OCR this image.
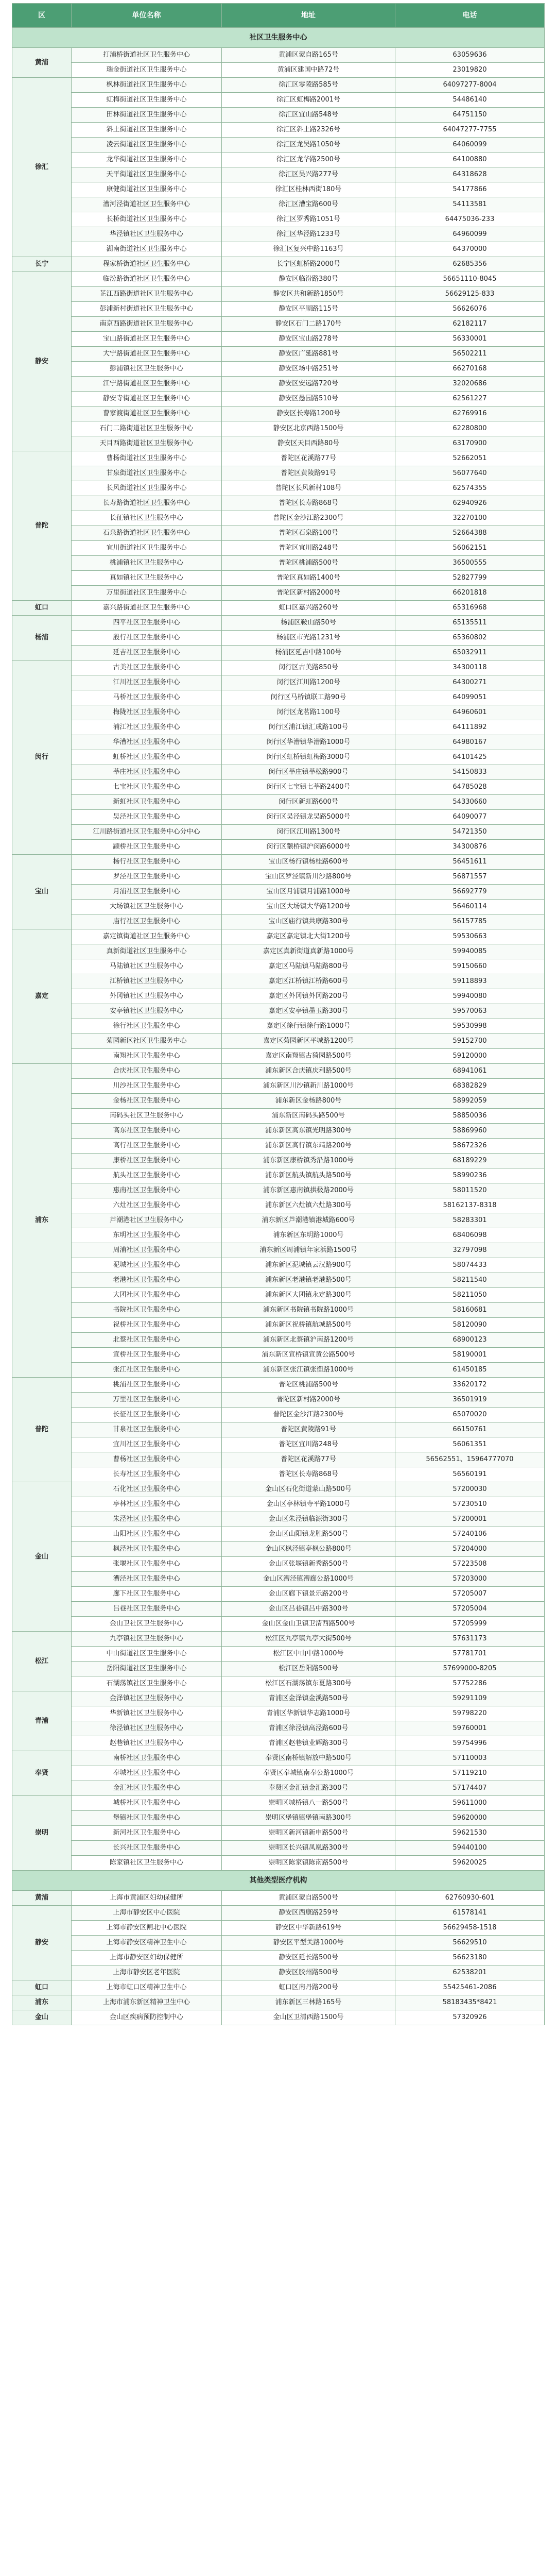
区	单位名称	地址	电话
社区卫生服务中心			
黄浦	打浦桥街道社区卫生服务中心	黄浦区蒙自路165号	63059636
	瑞金街道社区卫生服务中心	黄浦区建国中路72号	23019820
徐汇	枫林街道社区卫生服务中心	徐汇区零陵路585号	64097277-8004
	虹梅街道社区卫生服务中心	徐汇区虹梅路2001号	54486140
	田林街道社区卫生服务中心	徐汇区宜山路548号	64751150
	斜土街道社区卫生服务中心	徐汇区斜土路2326号	64047277-7755
	凌云街道社区卫生服务中心	徐汇区龙吴路1050号	64060099
	龙华街道社区卫生服务中心	徐汇区龙华路2500号	64100880
	天平街道社区卫生服务中心	徐汇区吴兴路277号	64318628
	康健街道社区卫生服务中心	徐汇区桂林西街180号	54177866
	漕河泾街道社区卫生服务中心	徐汇区漕宝路600号	54113581
	长桥街道社区卫生服务中心	徐汇区罗秀路1051号	64475036-233
	华泾镇社区卫生服务中心	徐汇区华泾路1233号	64960099
	湖南街道社区卫生服务中心	徐汇区复兴中路1163号	64370000
长宁	程家桥街道社区卫生服务中心	长宁区虹桥路2000号	62685356
静安	临汾路街道社区卫生服务中心	静安区临汾路380号	56651110-8045
	芷江西路街道社区卫生服务中心	静安区共和新路1850号	56629125-833
	彭浦新村街道社区卫生服务中心	静安区平顺路115号	56626076
	南京西路街道社区卫生服务中心	静安区石门二路170号	62182117
	宝山路街道社区卫生服务中心	静安区宝山路278号	56330001
	大宁路街道社区卫生服务中心	静安区广延路881号	56502211
	彭浦镇社区卫生服务中心	静安区场中路251号	66270168
	江宁路街道社区卫生服务中心	静安区安远路720号	32020686
	静安寺街道社区卫生服务中心	静安区愚园路510号	62561227
	曹家渡街道社区卫生服务中心	静安区长寿路1200号	62769916
	石门二路街道社区卫生服务中心	静安区北京西路1500号	62280800
	天目西路街道社区卫生服务中心	静安区天目西路80号	63170900
普陀	曹杨街道社区卫生服务中心	普陀区花溪路77号	52662051
	甘泉街道社区卫生服务中心	普陀区黄陵路91号	56077640
	长风街道社区卫生服务中心	普陀区长风新村108号	62574355
	长寿路街道社区卫生服务中心	普陀区长寿路868号	62940926
	长征镇社区卫生服务中心	普陀区金沙江路2300号	32270100
	石泉路街道社区卫生服务中心	普陀区石泉路100号	52664388
	宜川街道社区卫生服务中心	普陀区宜川路248号	56062151
	桃浦镇社区卫生服务中心	普陀区桃浦路500号	36500555
	真如镇社区卫生服务中心	普陀区真如路1400号	52827799
	万里街道社区卫生服务中心	普陀区新村路2000号	66201818
虹口	嘉兴路街道社区卫生服务中心	虹口区嘉兴路260号	65316968
杨浦	四平社区卫生服务中心	杨浦区鞍山路50号	65135511
	殷行社区卫生服务中心	杨浦区市光路1231号	65360802
	延吉社区卫生服务中心	杨浦区延吉中路100号	65032911
闵行	古美社区卫生服务中心	闵行区古美路850号	34300118
	江川社区卫生服务中心	闵行区江川路1200号	64300271
	马桥社区卫生服务中心	闵行区马桥镇联工路90号	64099051
	梅陇社区卫生服务中心	闵行区龙茗路1100号	64960601
	浦江社区卫生服务中心	闵行区浦江镇汇成路100号	64111892
	华漕社区卫生服务中心	闵行区华漕镇华漕路1000号	64980167
	虹桥社区卫生服务中心	闵行区虹桥镇虹梅路3000号	64101425
	莘庄社区卫生服务中心	闵行区莘庄镇莘松路900号	54150833
	七宝社区卫生服务中心	闵行区七宝镇七莘路2400号	64785028
	新虹社区卫生服务中心	闵行区新虹路600号	54330660
	吴泾社区卫生服务中心	闵行区吴泾镇龙吴路5000号	64090077
	江川路街道社区卫生服务中心分中心	闵行区江川路1300号	54721350
	颛桥社区卫生服务中心	闵行区颛桥镇沪闵路6000号	34300876
宝山	杨行社区卫生服务中心	宝山区杨行镇杨桂路600号	56451611
	罗泾社区卫生服务中心	宝山区罗泾镇新川沙路800号	56871557
	月浦社区卫生服务中心	宝山区月浦镇月浦路1000号	56692779
	大场镇社区卫生服务中心	宝山区大场镇大华路1200号	56460114
	庙行社区卫生服务中心	宝山区庙行镇共康路300号	56157785
嘉定	嘉定镇街道社区卫生服务中心	嘉定区嘉定镇北大街1200号	59530663
	真新街道社区卫生服务中心	嘉定区真新街道真新路1000号	59940085
	马陆镇社区卫生服务中心	嘉定区马陆镇马陆路800号	59150660
	江桥镇社区卫生服务中心	嘉定区江桥镇江桥路600号	59118893
	外冈镇社区卫生服务中心	嘉定区外冈镇外冈路200号	59940080
	安亭镇社区卫生服务中心	嘉定区安亭镇墨玉路300号	59570063
	徐行社区卫生服务中心	嘉定区徐行镇徐行路1000号	59530998
	菊园新区社区卫生服务中心	嘉定区菊园新区平城路1200号	59152700
	南翔社区卫生服务中心	嘉定区南翔镇古猗园路500号	59120000
浦东	合庆社区卫生服务中心	浦东新区合庆镇庆利路500号	68941061
	川沙社区卫生服务中心	浦东新区川沙镇新川路1000号	68382829
	金杨社区卫生服务中心	浦东新区金杨路800号	58992059
	南码头社区卫生服务中心	浦东新区南码头路500号	58850036
	高东社区卫生服务中心	浦东新区高东镇光明路300号	58869960
	高行社区卫生服务中心	浦东新区高行镇东靖路200号	58672326
	康桥社区卫生服务中心	浦东新区康桥镇秀沿路1000号	68189229
	航头社区卫生服务中心	浦东新区航头镇航头路500号	58990236
	惠南社区卫生服务中心	浦东新区惠南镇拱极路2000号	58011520
	六灶社区卫生服务中心	浦东新区六灶镇六灶路300号	58162137-8318
	芦潮港社区卫生服务中心	浦东新区芦潮港镇港城路600号	58283301
	东明社区卫生服务中心	浦东新区东明路1000号	68406098
	周浦社区卫生服务中心	浦东新区周浦镇年家浜路1500号	32797098
	泥城社区卫生服务中心	浦东新区泥城镇云汉路900号	58074433
	老港社区卫生服务中心	浦东新区老港镇老港路500号	58211540
	大团社区卫生服务中心	浦东新区大团镇永定路300号	58211050
	书院社区卫生服务中心	浦东新区书院镇书院路1000号	58160681
	祝桥社区卫生服务中心	浦东新区祝桥镇航城路500号	58120090
	北蔡社区卫生服务中心	浦东新区北蔡镇沪南路1200号	68900123
	宣桥社区卫生服务中心	浦东新区宣桥镇宣黄公路500号	58190001
	张江社区卫生服务中心	浦东新区张江镇张衡路1000号	61450185
普陀	桃浦社区卫生服务中心	普陀区桃浦路500号	33620172
	万里社区卫生服务中心	普陀区新村路2000号	36501919
	长征社区卫生服务中心	普陀区金沙江路2300号	65070020
	甘泉社区卫生服务中心	普陀区黄陵路91号	66150761
	宜川社区卫生服务中心	普陀区宜川路248号	56061351
	曹杨社区卫生服务中心	普陀区花溪路77号	56562551、15964777070
	长寿社区卫生服务中心	普陀区长寿路868号	56560191
金山	石化社区卫生服务中心	金山区石化街道蒙山路500号	57200030
	亭林社区卫生服务中心	金山区亭林镇寺平路1000号	57230510
	朱泾社区卫生服务中心	金山区朱泾镇临源街300号	57200001
	山阳社区卫生服务中心	金山区山阳镇龙胜路500号	57240106
	枫泾社区卫生服务中心	金山区枫泾镇亭枫公路800号	57204000
	张堰社区卫生服务中心	金山区张堰镇新秀路500号	57223508
	漕泾社区卫生服务中心	金山区漕泾镇漕廊公路1000号	57203000
	廊下社区卫生服务中心	金山区廊下镇景乐路200号	57205007
	吕巷社区卫生服务中心	金山区吕巷镇吕中路300号	57205004
	金山卫社区卫生服务中心	金山区金山卫镇卫清西路500号	57205999
松江	九亭镇社区卫生服务中心	松江区九亭镇九亭大街500号	57631173
	中山街道社区卫生服务中心	松江区中山中路1000号	57781701
	岳阳街道社区卫生服务中心	松江区岳阳路500号	57699000-8205
	石湖荡镇社区卫生服务中心	松江区石湖荡镇东夏路300号	57752286
青浦	金泽镇社区卫生服务中心	青浦区金泽镇金溪路500号	59291109
	华新镇社区卫生服务中心	青浦区华新镇华志路1000号	59798220
	徐泾镇社区卫生服务中心	青浦区徐泾镇高泾路600号	59760001
	赵巷镇社区卫生服务中心	青浦区赵巷镇业辉路300号	59754996
奉贤	南桥社区卫生服务中心	奉贤区南桥镇解放中路500号	57110003
	奉城社区卫生服务中心	奉贤区奉城镇南奉公路1000号	57119210
	金汇社区卫生服务中心	奉贤区金汇镇金汇路300号	57174407
崇明	城桥社区卫生服务中心	崇明区城桥镇八一路500号	59611000
	堡镇社区卫生服务中心	崇明区堡镇镇堡镇南路300号	59620000
	新河社区卫生服务中心	崇明区新河镇新申路500号	59621530
	长兴社区卫生服务中心	崇明区长兴镇凤凰路300号	59440100
	陈家镇社区卫生服务中心	崇明区陈家镇陈南路500号	59620025
其他类型医疗机构			
黄浦	上海市黄浦区妇幼保健所	黄浦区蒙自路500号	62760930-601
静安	上海市静安区中心医院	静安区西康路259号	61578141
	上海市静安区闸北中心医院	静安区中华新路619号	56629458-1518
	上海市静安区精神卫生中心	静安区平型关路1000号	56629510
	上海市静安区妇幼保健所	静安区延长路500号	56623180
	上海市静安区老年医院	静安区胶州路500号	62538201
虹口	上海市虹口区精神卫生中心	虹口区南丹路200号	55425461-2086
浦东	上海市浦东新区精神卫生中心	浦东新区三林路165号	58183435*8421
金山	金山区疾病预防控制中心	金山区卫清西路1500号	57320926
